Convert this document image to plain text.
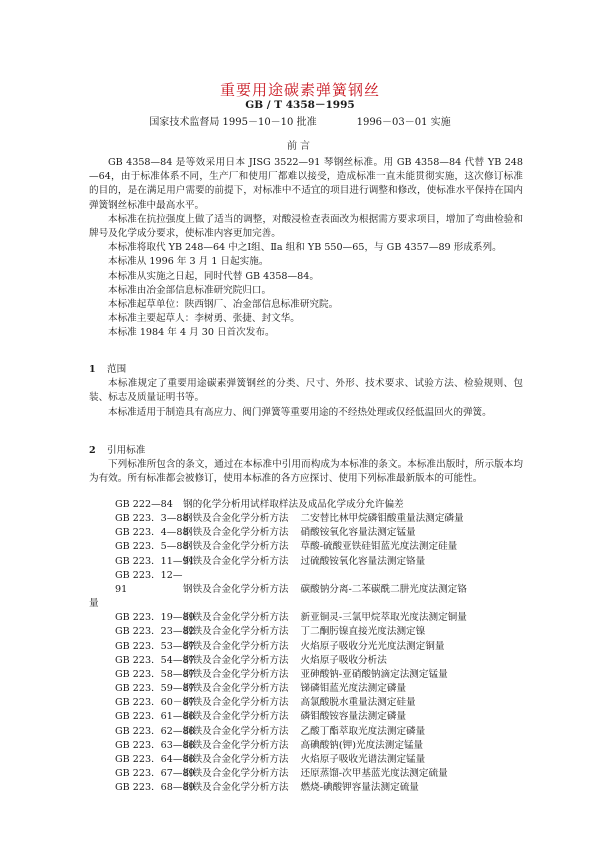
重要用途碳素弹簧钢丝
GB / T 4358－1995
国家技术监督局 1995－10－10 批准	1996－03－01 实施
前言

GB 4358—84 是等效采用日本 JISG 3522—91 琴钢丝标准。用 GB 4358—84 代替 YB 248—64，由于标准体系不同，生产厂和使用厂都难以接受，造成标准一直未能贯彻实施，这次修订标准的目的，是在满足用户需要的前提下，对标准中不适宜的项目进行调整和修改，使标准水平保持在国内弹簧钢丝标准中最高水平。

本标准在抗拉强度上做了适当的调整，对酸浸检查表面改为根据需方要求项目，增加了弯曲检验和牌号及化学成分要求，使标准内容更加完善。

本标准将取代 YB 248—64 中之Ⅰ组、Ⅱa 组和 YB 550—65，与 GB 4357—89 形成系列。

本标准从 1996 年 3 月 1 日起实施。

本标准从实施之日起，同时代替 GB 4358—84。

本标准由冶金部信息标准研究院归口。

本标准起草单位：陕西钢厂、冶金部信息标准研究院。

本标准主要起草人：李树勇、张捷、封文华。

本标准 1984 年 4 月 30 日首次发布。

1 范围

本标准规定了重要用途碳素弹簧钢丝的分类、尺寸、外形、技术要求、试验方法、检验规则、包装、标志及质量证明书等。

本标准适用于制造具有高应力、阀门弹簧等重要用途的不经热处理或仅经低温回火的弹簧。

2 引用标准

下列标准所包含的条文，通过在本标准中引用而构成为本标准的条文。本标准出版时，所示版本均为有效。所有标准都会被修订，使用本标准的各方应探讨、使用下列标准最新版本的可能性。

GB 222—84 钢的化学分析用试样取样法及成品化学成分允许偏差
GB 223．3—88钢铁及合金化学分析方法 二安替比林甲烷磷钼酸重量法测定磷量
GB 223．4—88钢铁及合金化学分析方法 硝酸铵氧化容量法测定锰量
GB 223．5—88钢铁及合金化学分析方法 草酸-硫酸亚铁硅钼蓝光度法测定硅量
GB 223．11—91钢铁及合金化学分析方法 过硫酸铵氧化容量法测定铬量
GB 223．12—91	钢铁及合金化学分析方法 碳酸钠分离-二苯碳酰二肼光度法测定铬
量
GB 223．19—89钢铁及合金化学分析方法 新亚铜灵-三氯甲烷萃取光度法测定铜量
GB 223．23—82钢铁及合金化学分析方法 丁二酮肟镍直接光度法测定镍
GB 223．53—87钢铁及合金化学分析方法 火焰原子吸收分光光度法测定铜量
GB 223．54—87钢铁及合金化学分析方法 火焰原子吸收分析法
GB 223．58—87钢铁及合金化学分析方法 亚砷酸钠-亚硝酸钠滴定法测定锰量
GB 223．59—87钢铁及合金化学分析方法 锑磷钼蓝光度法测定磷量
GB 223．60－87钢铁及合金化学分析方法 高氯酸脱水重量法测定硅量
GB 223．61—88钢铁及合金化学分析方法 磷钼酸铵容量法测定磷量
GB 223．62—88钢铁及合金化学分析方法 乙酸丁酯萃取光度法测定磷量
GB 223．63—88钢铁及合金化学分析方法 高碘酸钠(钾)光度法测定锰量
GB 223．64—88钢铁及合金化学分析方法 火焰原子吸收光谱法测定锰量
GB 223．67—89钢铁及合金化学分析方法 还原蒸馏-次甲基蓝光度法测定硫量
GB 223．68—89钢铁及合金化学分析方法 燃烧-碘酸钾容量法测定硫量
